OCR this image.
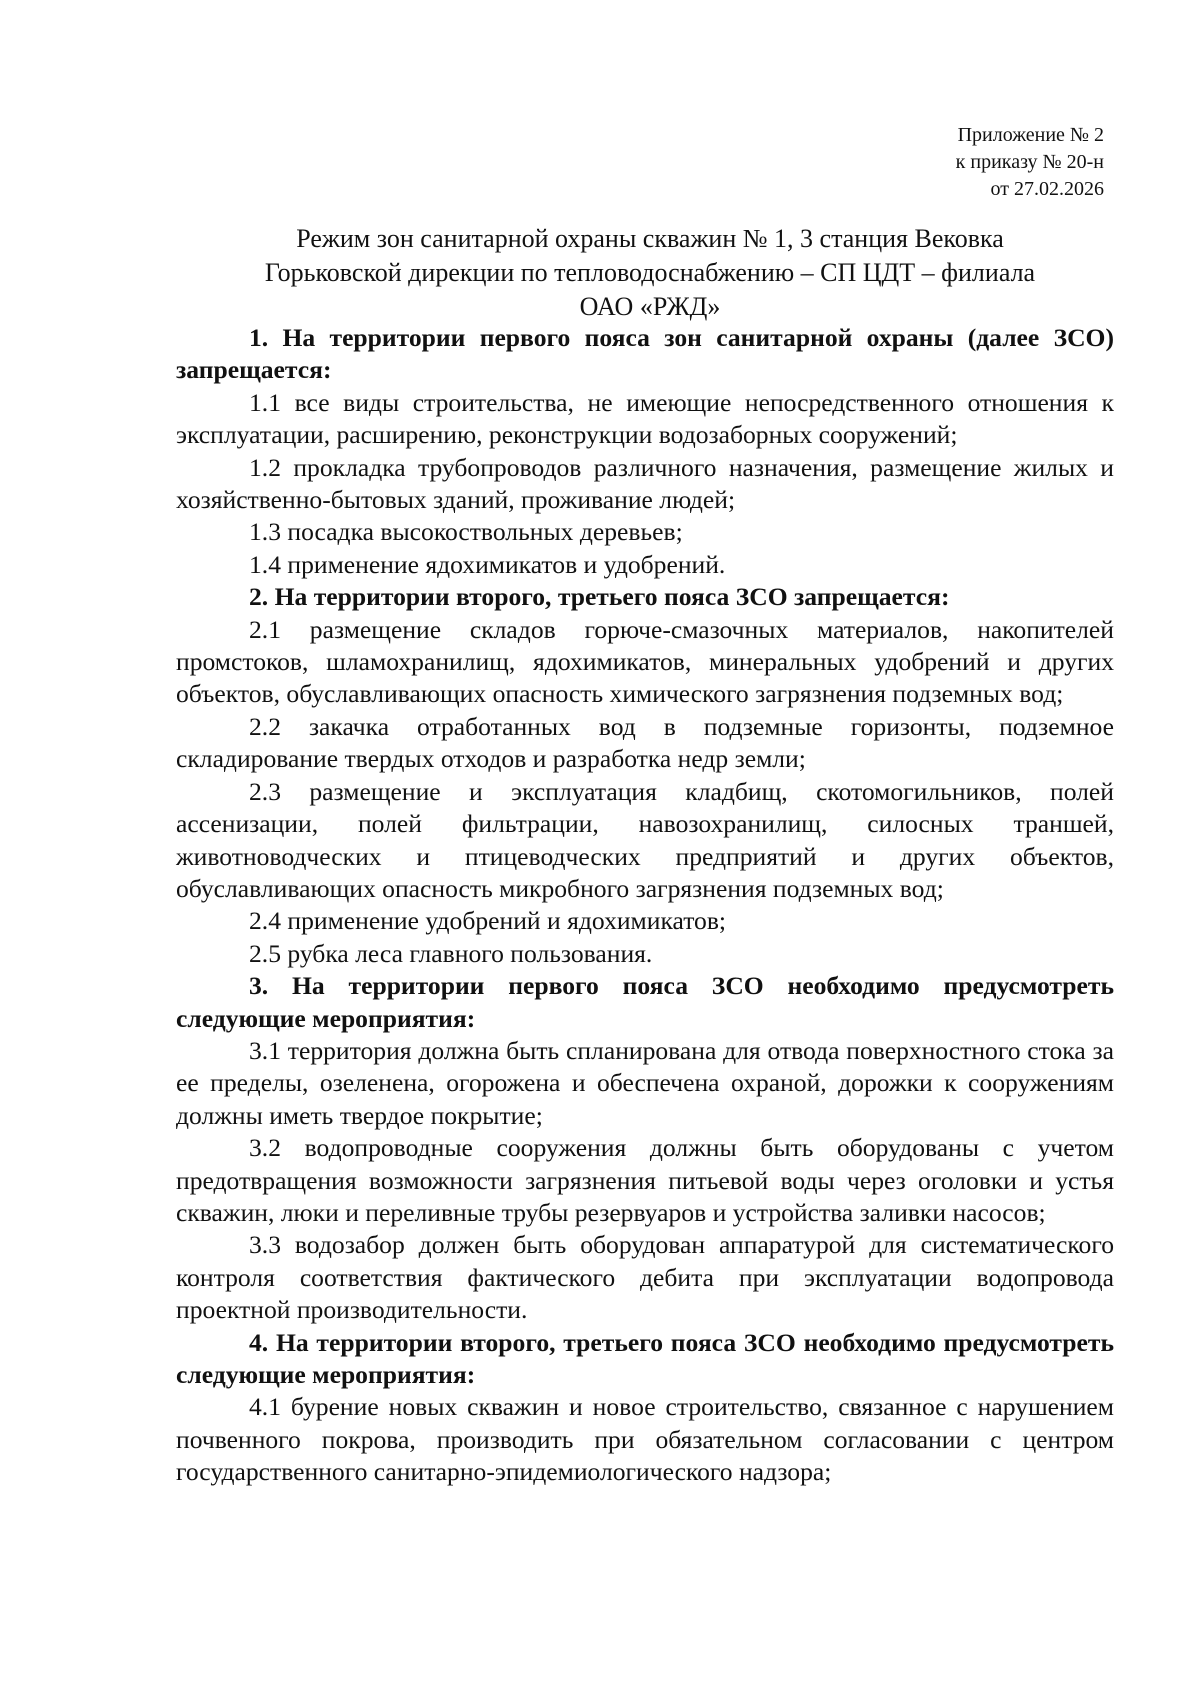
Приложение № 2
к приказу № 20-н
от 27.02.2026
Режим зон санитарной охраны скважин № 1, 3 станция Вековка
Горьковской дирекции по тепловодоснабжению – СП ЦДТ – филиала
ОАО «РЖД»

1. На территории первого пояса зон санитарной охраны (далее ЗСО) запрещается:

1.1 все виды строительства, не имеющие непосредственного отношения к эксплуатации, расширению, реконструкции водозаборных сооружений;

1.2 прокладка трубопроводов различного назначения, размещение жилых и хозяйственно-бытовых зданий, проживание людей;

1.3 посадка высокоствольных деревьев;

1.4 применение ядохимикатов и удобрений.

2. На территории второго, третьего пояса ЗСО запрещается:

2.1 размещение складов горюче-смазочных материалов, накопителей промстоков, шламохранилищ, ядохимикатов, минеральных удобрений и других объектов, обуславливающих опасность химического загрязнения подземных вод;

2.2 закачка отработанных вод в подземные горизонты, подземное складирование твердых отходов и разработка недр земли;

2.3 размещение и эксплуатация кладбищ, скотомогильников, полей ассенизации, полей фильтрации, навозохранилищ, силосных траншей, животноводческих и птицеводческих предприятий и других объектов, обуславливающих опасность микробного загрязнения подземных вод;

2.4 применение удобрений и ядохимикатов;

2.5 рубка леса главного пользования.

3. На территории первого пояса ЗСО необходимо предусмотреть следующие мероприятия:

3.1 территория должна быть спланирована для отвода поверхностного стока за ее пределы, озеленена, огорожена и обеспечена охраной, дорожки к сооружениям должны иметь твердое покрытие;

3.2 водопроводные сооружения должны быть оборудованы с учетом предотвращения возможности загрязнения питьевой воды через оголовки и устья скважин, люки и переливные трубы резервуаров и устройства заливки насосов;

3.3 водозабор должен быть оборудован аппаратурой для систематического контроля соответствия фактического дебита при эксплуатации водопровода проектной производительности.

4. На территории второго, третьего пояса ЗСО необходимо предусмотреть следующие мероприятия:

4.1 бурение новых скважин и новое строительство, связанное с нарушением почвенного покрова, производить при обязательном согласовании с центром государственного санитарно-эпидемиологического надзора;
